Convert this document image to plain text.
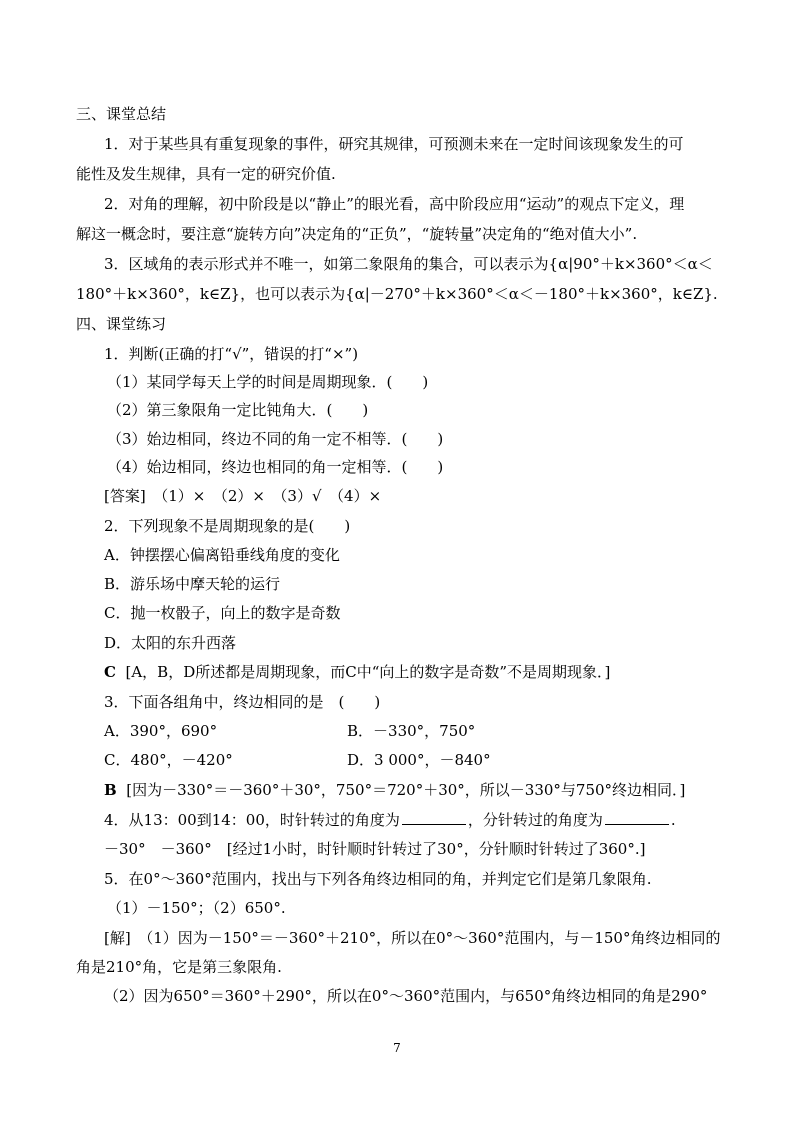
三、课堂总结
1．对于某些具有重复现象的事件，研究其规律，可预测未来在一定时间该现象发生的可
能性及发生规律，具有一定的研究价值.
2．对角的理解，初中阶段是以“静止”的眼光看，高中阶段应用“运动”的观点下定义，理
解这一概念时，要注意“旋转方向”决定角的“正负”，“旋转量”决定角的“绝对值大小”.
3．区域角的表示形式并不唯一，如第二象限角的集合，可以表示为{α|90°＋k×360°＜α＜
180°＋k×360°，k∈Z}，也可以表示为{α|－270°＋k×360°＜α＜－180°＋k×360°，k∈Z}.
四、课堂练习
1．判断(正确的打“√”，错误的打“×”)
（1）某同学每天上学的时间是周期现象．(　　)
（2）第三象限角一定比钝角大．(　　)
（3）始边相同，终边不同的角一定不相等．(　　)
（4）始边相同，终边也相同的角一定相等．(　　)
[答案]　（1）×　（2）×　（3）√　（4）×
2．下列现象不是周期现象的是(　　)
A．钟摆摆心偏离铅垂线角度的变化
B．游乐场中摩天轮的运行
C．抛一枚骰子，向上的数字是奇数
D．太阳的东升西落
C [A，B，D所述都是周期现象，而C中“向上的数字是奇数”不是周期现象．]
3．下面各组角中，终边相同的是　(　　)
A．390°，690°	B．－330°，750°
C．480°，－420°	D．3 000°，－840°
B [因为－330°＝－360°＋30°，750°＝720°＋30°，所以－330°与750°终边相同．]
4．从13：00到14：00，时针转过的角度为	，分针转过的角度为	.
－30°　－360°　[经过1小时，时针顺时针转过了30°，分针顺时针转过了360°.]
5．在0°～360°范围内，找出与下列各角终边相同的角，并判定它们是第几象限角.
（1）－150°；（2）650°.
[解]　（1）因为－150°＝－360°＋210°，所以在0°～360°范围内，与－150°角终边相同的
角是210°角，它是第三象限角.
（2）因为650°＝360°＋290°，所以在0°～360°范围内，与650°角终边相同的角是290°
7
